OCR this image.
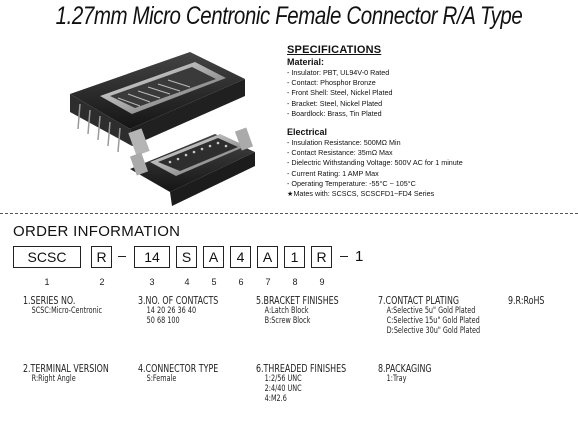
1.27mm Micro Centronic Female Connector R/A Type
SPECIFICATIONS
Material:
- Insulator: PBT, UL94V-0 Rated
- Contact: Phosphor Bronze
- Front Shell: Steel, Nickel Plated
- Bracket: Steel, Nickel Plated
- Boardlock: Brass, Tin Plated
Electrical
- Insulation Resistance: 500MΩ Min
- Contact Resistance: 35mΩ Max
- Dielectric Withstanding Voltage: 500V AC for 1 minute
- Current Rating: 1 AMP Max
- Operating Temperature: -55°C ~ 105°C
★Mates with: SCSCS, SCSCFD1~FD4 Series
ORDER INFORMATION
SCSC	R	14	S	A	4	A	1	R	1
1	2	3	4	5	6	7	8	9
1.SERIES NO.
SCSC:Micro-Centronic
3.NO. OF CONTACTS
14 20 26 36 40
50 68 100
5.BRACKET FINISHES
A:Latch Block
B:Screw Block
7.CONTACT PLATING
A:Selective 5u" Gold Plated
C:Selective 15u" Gold Plated
D:Selective 30u" Gold Plated
9.R:RoHS
2.TERMINAL VERSION
R:Right Angle
4.CONNECTOR TYPE
S:Female
6.THREADED FINISHES
1:2/56 UNC
2:4/40 UNC
4:M2.6
8.PACKAGING
1:Tray
